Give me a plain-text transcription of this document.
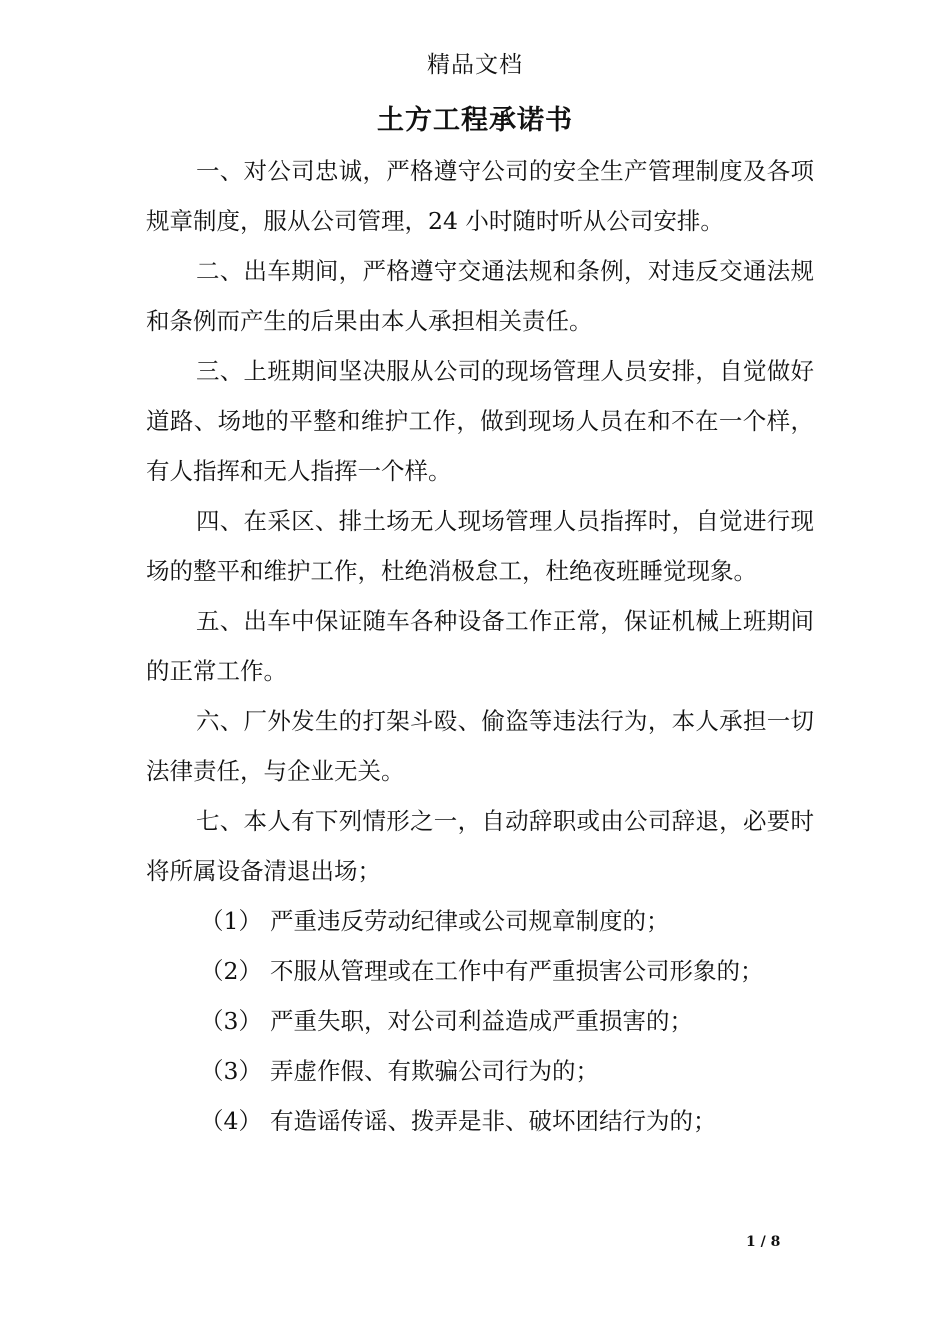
精品文档
土方工程承诺书

一、对公司忠诚，严格遵守公司的安全生产管理制度及各项规章制度，服从公司管理，24 小时随时听从公司安排。

二、出车期间，严格遵守交通法规和条例，对违反交通法规和条例而产生的后果由本人承担相关责任。

三、上班期间坚决服从公司的现场管理人员安排，自觉做好道路、场地的平整和维护工作，做到现场人员在和不在一个样，有人指挥和无人指挥一个样。

四、在采区、排土场无人现场管理人员指挥时，自觉进行现场的整平和维护工作，杜绝消极怠工，杜绝夜班睡觉现象。

五、出车中保证随车各种设备工作正常，保证机械上班期间的正常工作。

六、厂外发生的打架斗殴、偷盗等违法行为，本人承担一切法律责任，与企业无关。

七、本人有下列情形之一，自动辞职或由公司辞退，必要时将所属设备清退出场；

（1） 严重违反劳动纪律或公司规章制度的；
（2） 不服从管理或在工作中有严重损害公司形象的；
（3） 严重失职，对公司利益造成严重损害的；
（3） 弄虚作假、有欺骗公司行为的；
（4） 有造谣传谣、拨弄是非、破坏团结行为的；
1 / 8
